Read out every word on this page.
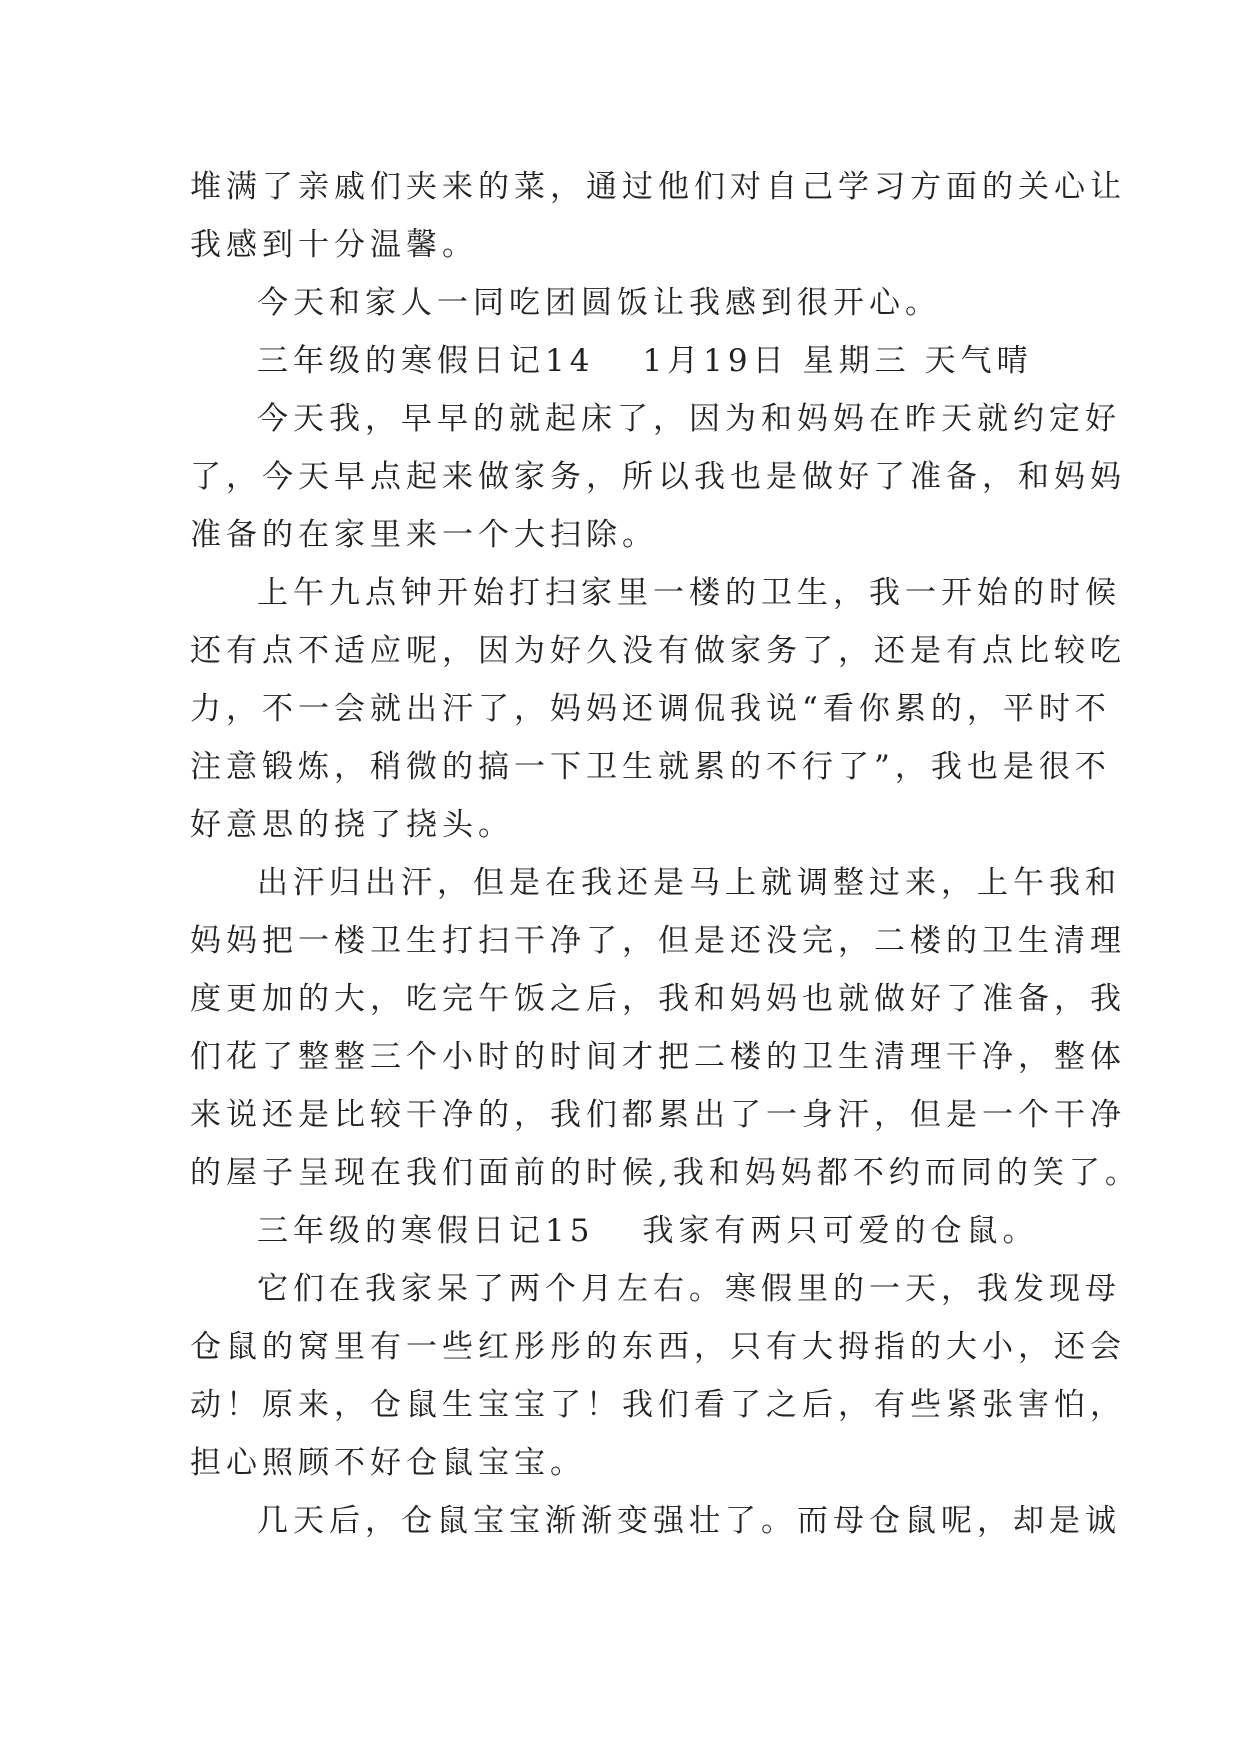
堆满了亲戚们夹来的菜，通过他们对自己学习方面的关心让
我感到十分温馨。
今天和家人一同吃团圆饭让我感到很开心。
三年级的寒假日记14 1月19日 星期三 天气晴
今天我，早早的就起床了，因为和妈妈在昨天就约定好
了，今天早点起来做家务，所以我也是做好了准备，和妈妈
准备的在家里来一个大扫除。
上午九点钟开始打扫家里一楼的卫生，我一开始的时候
还有点不适应呢，因为好久没有做家务了，还是有点比较吃
力，不一会就出汗了，妈妈还调侃我说“看你累的，平时不
注意锻炼，稍微的搞一下卫生就累的不行了”，我也是很不
好意思的挠了挠头。
出汗归出汗，但是在我还是马上就调整过来，上午我和
妈妈把一楼卫生打扫干净了，但是还没完，二楼的卫生清理
度更加的大，吃完午饭之后，我和妈妈也就做好了准备，我
们花了整整三个小时的时间才把二楼的卫生清理干净，整体
来说还是比较干净的，我们都累出了一身汗，但是一个干净
的屋子呈现在我们面前的时候,我和妈妈都不约而同的笑了。
三年级的寒假日记15 我家有两只可爱的仓鼠。
它们在我家呆了两个月左右。寒假里的一天，我发现母
仓鼠的窝里有一些红彤彤的东西，只有大拇指的大小，还会
动！原来，仓鼠生宝宝了！我们看了之后，有些紧张害怕，
担心照顾不好仓鼠宝宝。
几天后，仓鼠宝宝渐渐变强壮了。而母仓鼠呢，却是诚
